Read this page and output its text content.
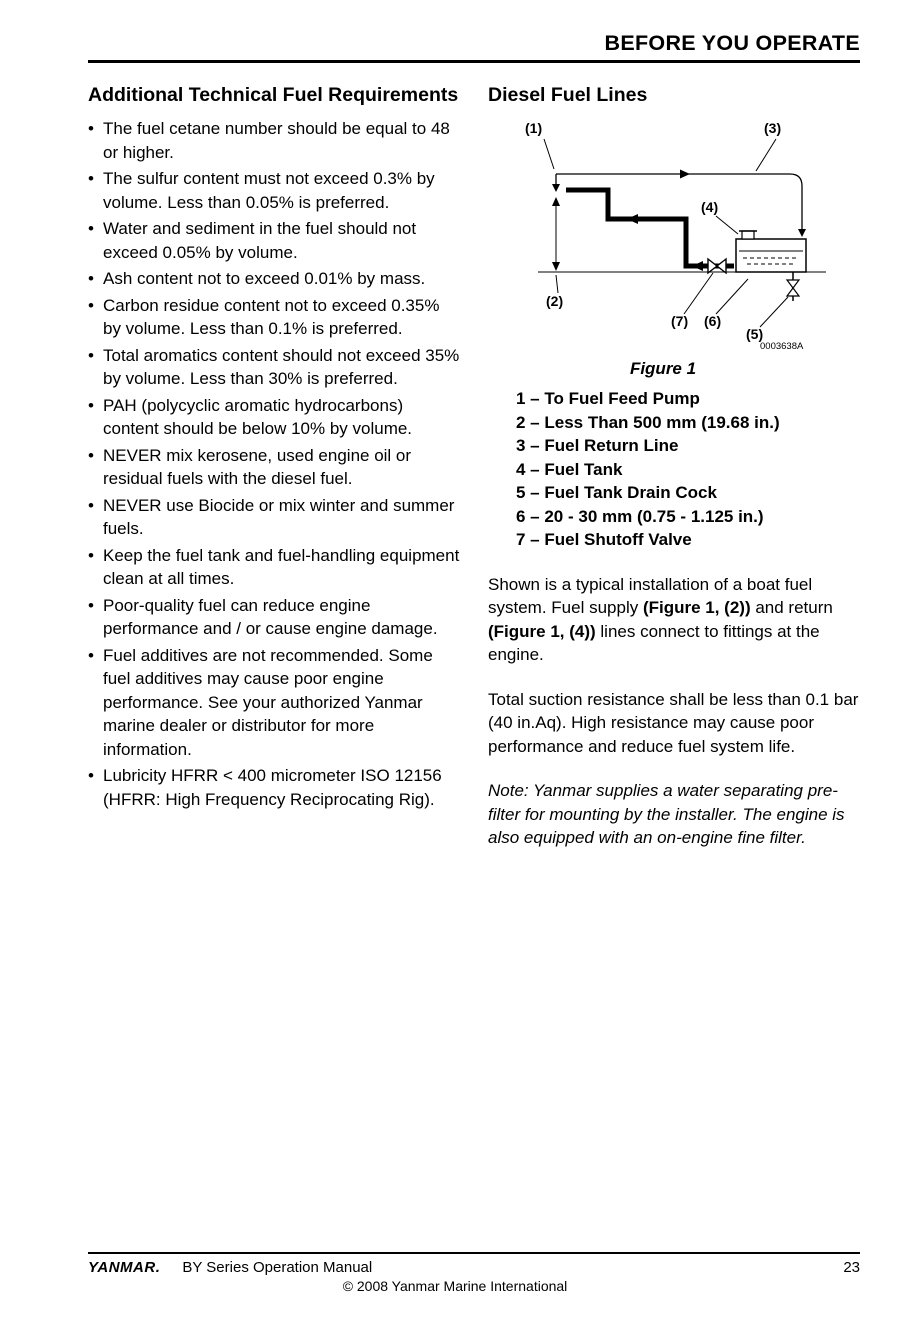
BEFORE YOU OPERATE
Additional Technical Fuel Requirements
• The fuel cetane number should be equal to 48 or higher.
• The sulfur content must not exceed 0.3% by volume. Less than 0.05% is preferred.
• Water and sediment in the fuel should not exceed 0.05% by volume.
• Ash content not to exceed 0.01% by mass.
• Carbon residue content not to exceed 0.35% by volume. Less than 0.1% is preferred.
• Total aromatics content should not exceed 35% by volume. Less than 30% is preferred.
• PAH (polycyclic aromatic hydrocarbons) content should be below 10% by volume.
• NEVER mix kerosene, used engine oil or residual fuels with the diesel fuel.
• NEVER use Biocide or mix winter and summer fuels.
• Keep the fuel tank and fuel-handling equipment clean at all times.
• Poor-quality fuel can reduce engine performance and / or cause engine damage.
• Fuel additives are not recommended. Some fuel additives may cause poor engine performance. See your authorized Yanmar marine dealer or distributor for more information.
• Lubricity HFRR < 400 micrometer ISO 12156 (HFRR: High Frequency Reciprocating Rig).
Diesel Fuel Lines
(1)	(3)
(4)
(2)
(7) (6)
(5)
0003638A
Figure 1
1 – To Fuel Feed Pump
2 – Less Than 500 mm (19.68 in.)
3 – Fuel Return Line
4 – Fuel Tank
5 – Fuel Tank Drain Cock
6 – 20 - 30 mm (0.75 - 1.125 in.)
7 – Fuel Shutoff Valve

Shown is a typical installation of a boat fuel system. Fuel supply (Figure 1, (2)) and return (Figure 1, (4)) lines connect to fittings at the engine.

Total suction resistance shall be less than 0.1 bar (40 in.Aq). High resistance may cause poor performance and reduce fuel system life.

Note: Yanmar supplies a water separating pre-filter for mounting by the installer. The engine is also equipped with an on-engine fine filter.

YANMAR. BY Series Operation Manual	23
© 2008 Yanmar Marine International
